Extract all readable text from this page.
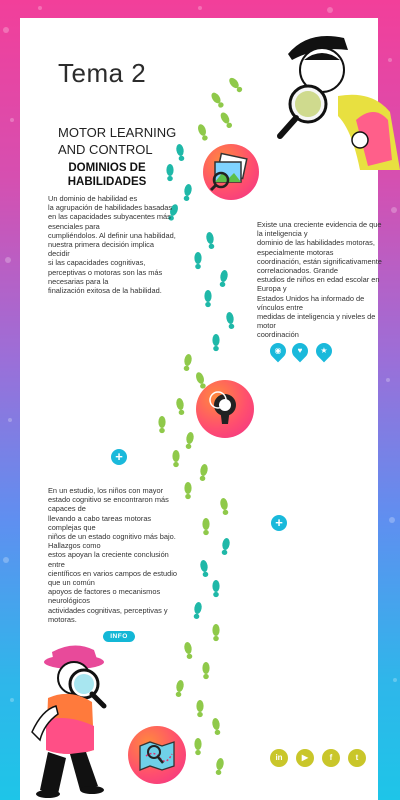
Tema 2
MOTOR LEARNING AND CONTROL
DOMINIOS DE HABILIDADES
Un dominio de habilidad es
la agrupación de habilidades basadas
en las capacidades subyacentes más
esenciales para
cumpliéndolos. Al definir una habilidad,
nuestra primera decisión implica
decidir
si las capacidades cognitivas,
perceptivas o motoras son las más
necesarias para la
finalización exitosa de la habilidad.
Existe una creciente evidencia de que
la inteligencia y
dominio de las habilidades motoras,
especialmente motoras
coordinación, están significativamente
correlacionados. Grande
estudios de niños en edad escolar en
Europa y
Estados Unidos ha informado de
vínculos entre
medidas de inteligencia y niveles de
motor
coordinación
En un estudio, los niños con mayor
estado cognitivo se encontraron más
capaces de
llevando a cabo tareas motoras
complejas que
niños de un estado cognitivo más bajo.
Hallazgos como
estos apoyan la creciente conclusión
entre
científicos en varios campos de estudio
que un común
apoyos de factores o mecanismos
neurológicos
actividades cognitivas, perceptivas y
motoras.
◉	♥	★
+
+
INFO
in	▶	f	t
